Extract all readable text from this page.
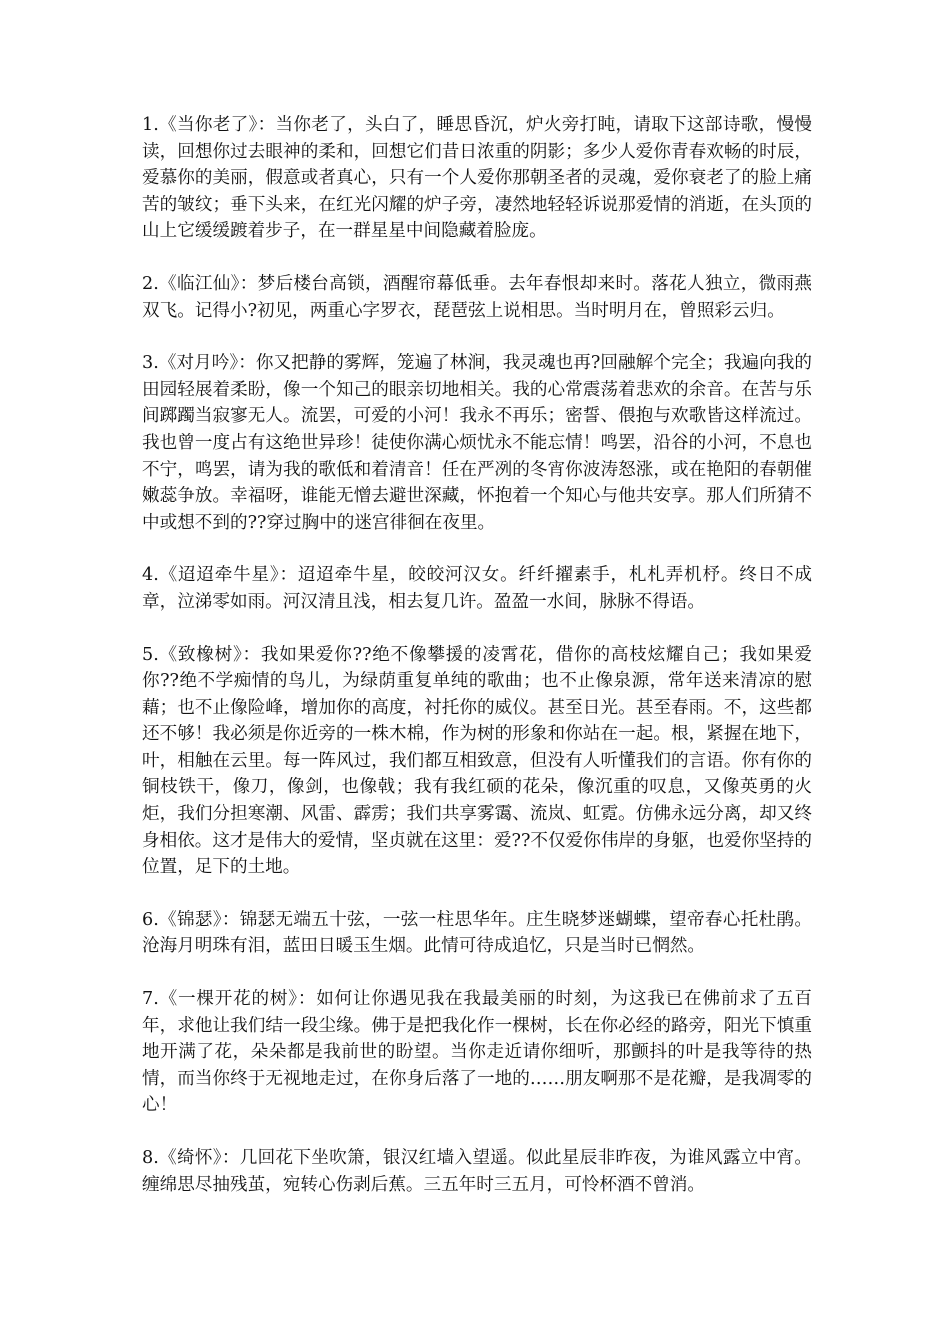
1.《当你老了》：当你老了，头白了，睡思昏沉，炉火旁打盹，请取下这部诗歌，慢慢读，回想你过去眼神的柔和，回想它们昔日浓重的阴影；多少人爱你青春欢畅的时辰，爱慕你的美丽，假意或者真心，只有一个人爱你那朝圣者的灵魂，爱你衰老了的脸上痛苦的皱纹；垂下头来，在红光闪耀的炉子旁，凄然地轻轻诉说那爱情的消逝，在头顶的山上它缓缓踱着步子，在一群星星中间隐藏着脸庞。

2.《临江仙》：梦后楼台高锁，酒醒帘幕低垂。去年春恨却来时。落花人独立，微雨燕双飞。记得小?初见，两重心字罗衣，琵琶弦上说相思。当时明月在，曾照彩云归。

3.《对月吟》：你又把静的雾辉，笼遍了林涧，我灵魂也再?回融解个完全；我遍向我的田园轻展着柔盼，像一个知己的眼亲切地相关。我的心常震荡着悲欢的余音。在苦与乐间踯躅当寂寥无人。流罢，可爱的小河！我永不再乐；密誓、偎抱与欢歌皆这样流过。我也曾一度占有这绝世异珍！徒使你满心烦忧永不能忘情！鸣罢，沿谷的小河，不息也不宁，鸣罢，请为我的歌低和着清音！任在严冽的冬宵你波涛怒涨，或在艳阳的春朝催嫩蕊争放。幸福呀，谁能无憎去避世深藏，怀抱着一个知心与他共安享。那人们所猜不中或想不到的??穿过胸中的迷宫徘徊在夜里。

4.《迢迢牵牛星》：迢迢牵牛星，皎皎河汉女。纤纤擢素手，札札弄机杼。终日不成章，泣涕零如雨。河汉清且浅，相去复几许。盈盈一水间，脉脉不得语。

5.《致橡树》：我如果爱你??绝不像攀援的凌霄花，借你的高枝炫耀自己；我如果爱你??绝不学痴情的鸟儿，为绿荫重复单纯的歌曲；也不止像泉源，常年送来清凉的慰藉；也不止像险峰，增加你的高度，衬托你的威仪。甚至日光。甚至春雨。不，这些都还不够！我必须是你近旁的一株木棉，作为树的形象和你站在一起。根，紧握在地下，叶，相触在云里。每一阵风过，我们都互相致意，但没有人听懂我们的言语。你有你的铜枝铁干，像刀，像剑，也像戟；我有我红硕的花朵，像沉重的叹息，又像英勇的火炬，我们分担寒潮、风雷、霹雳；我们共享雾霭、流岚、虹霓。仿佛永远分离，却又终身相依。这才是伟大的爱情，坚贞就在这里：爱??不仅爱你伟岸的身躯，也爱你坚持的位置，足下的土地。

6.《锦瑟》：锦瑟无端五十弦，一弦一柱思华年。庄生晓梦迷蝴蝶，望帝春心托杜鹃。沧海月明珠有泪，蓝田日暖玉生烟。此情可待成追忆，只是当时已惘然。

7.《一棵开花的树》：如何让你遇见我在我最美丽的时刻，为这我已在佛前求了五百年，求他让我们结一段尘缘。佛于是把我化作一棵树，长在你必经的路旁，阳光下慎重地开满了花，朵朵都是我前世的盼望。当你走近请你细听，那颤抖的叶是我等待的热情，而当你终于无视地走过，在你身后落了一地的……朋友啊那不是花瓣，是我凋零的心！

8.《绮怀》：几回花下坐吹箫，银汉红墙入望遥。似此星辰非昨夜，为谁风露立中宵。缠绵思尽抽残茧，宛转心伤剥后蕉。三五年时三五月，可怜杯酒不曾消。
